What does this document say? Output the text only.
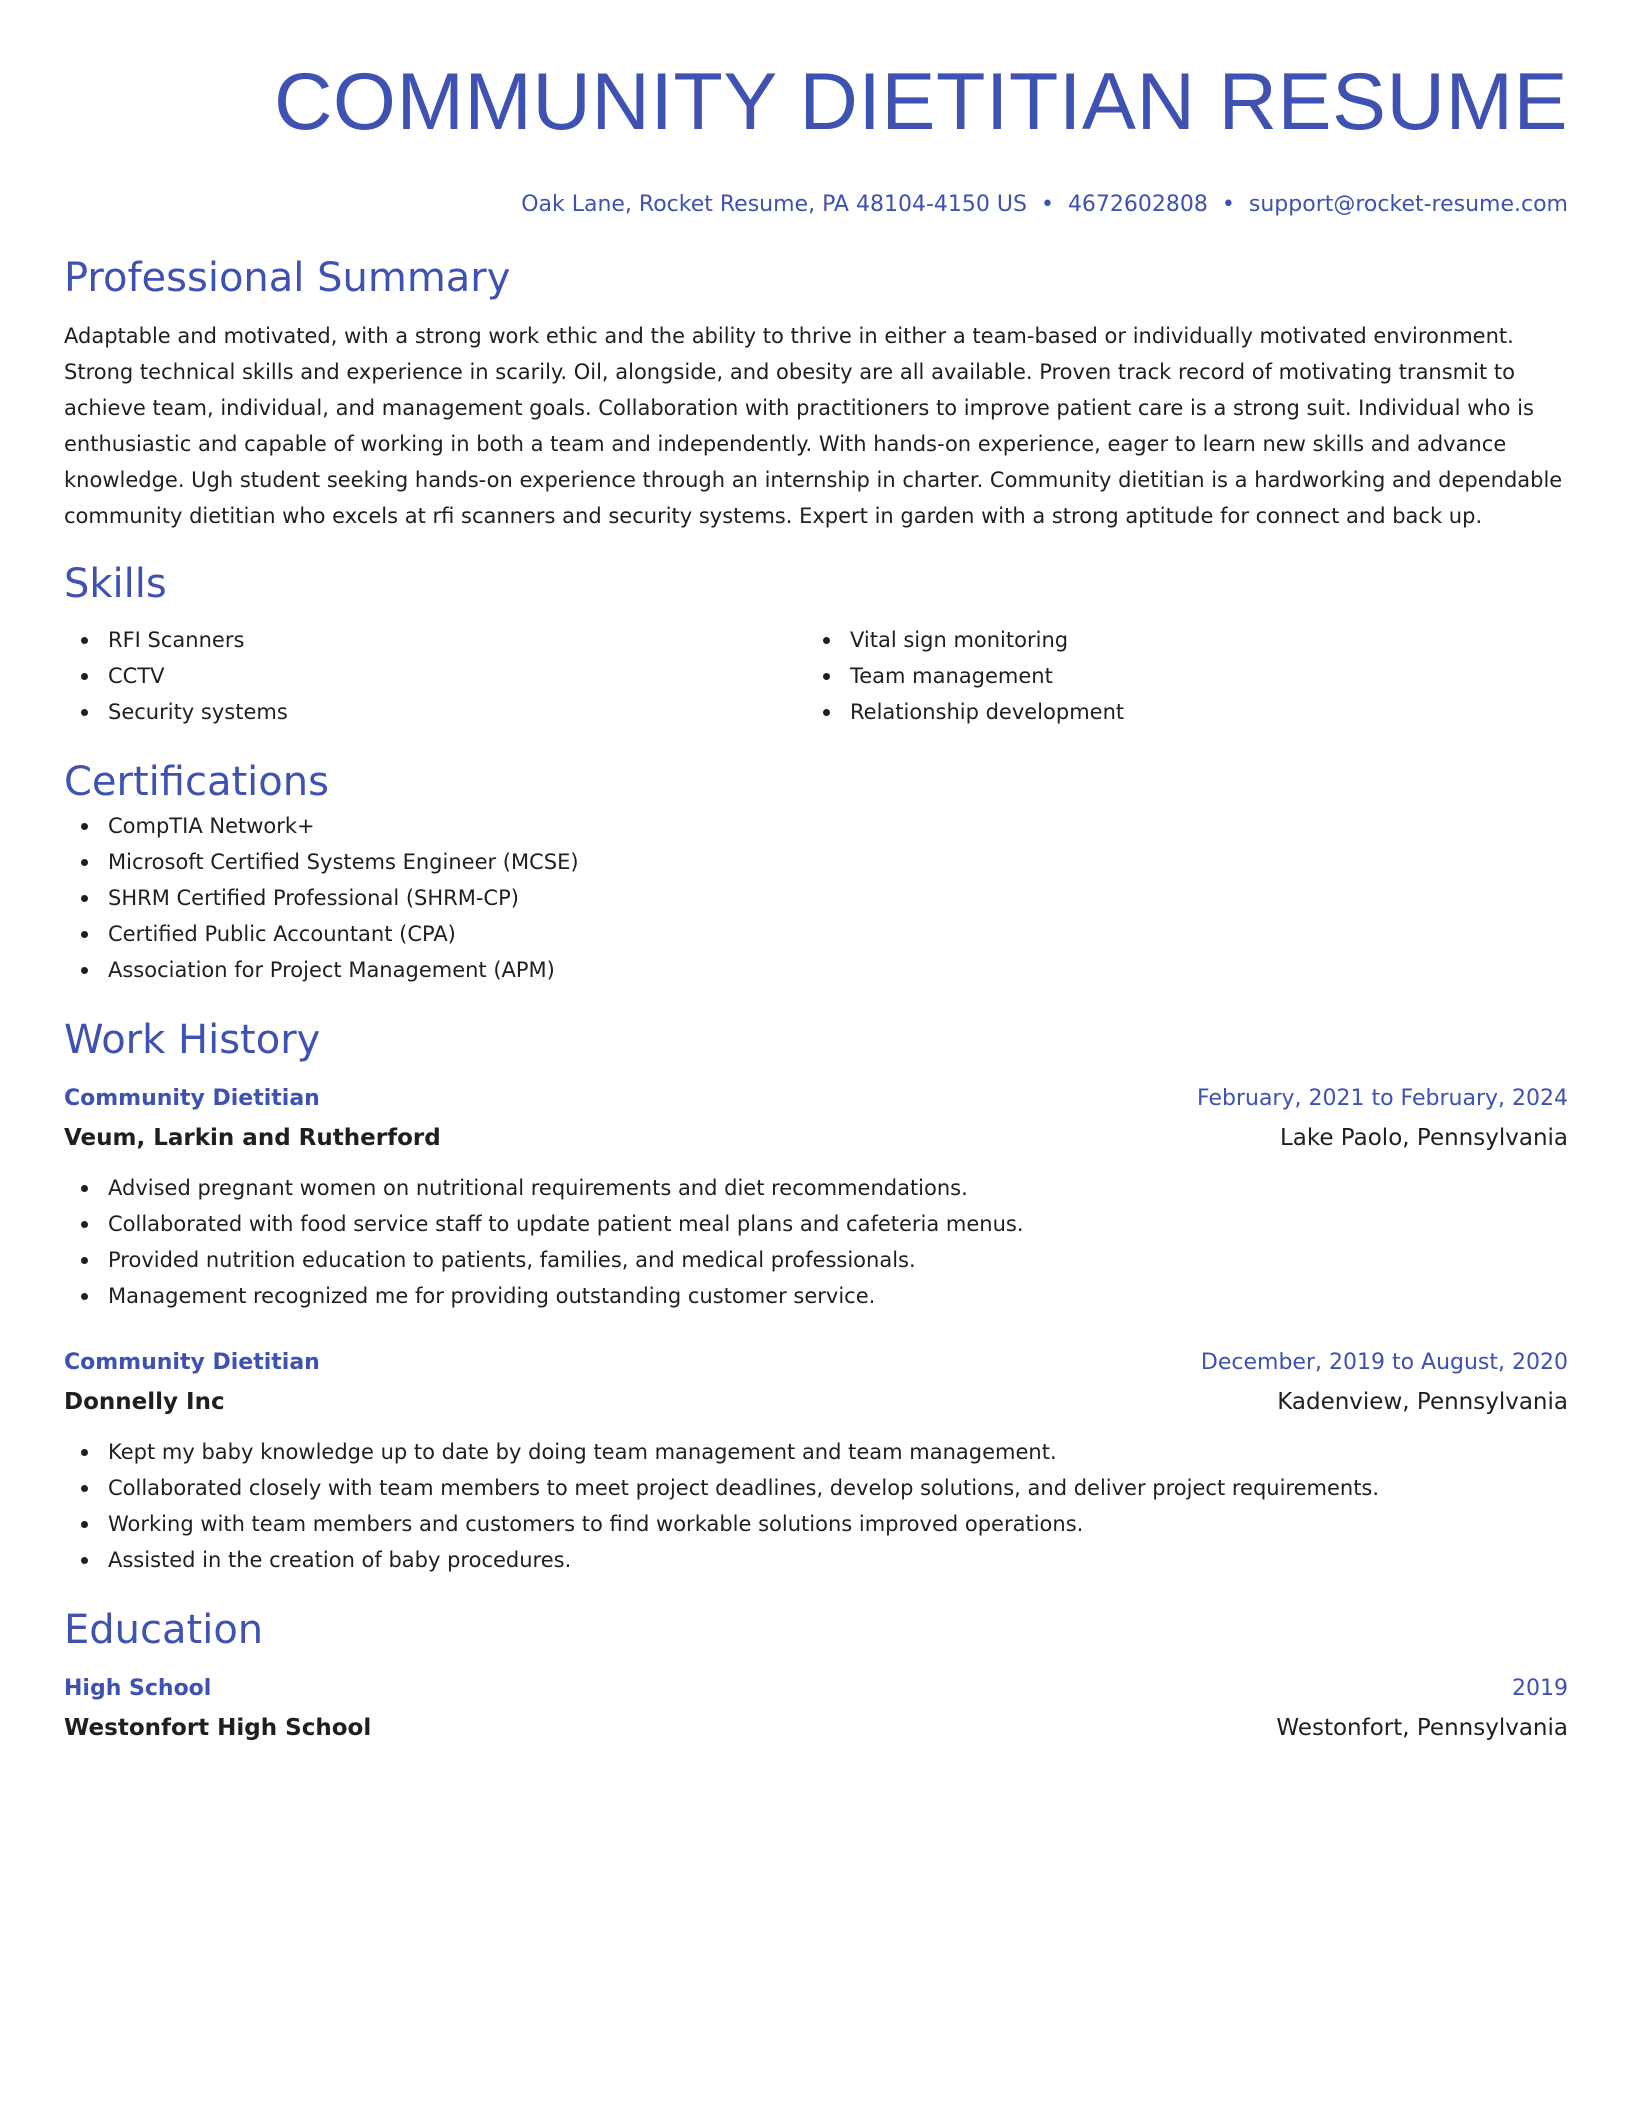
COMMUNITY DIETITIAN RESUME
Oak Lane, Rocket Resume, PA 48104-4150 US • 4672602808 • support@rocket-resume.com
Professional Summary
Adaptable and motivated, with a strong work ethic and the ability to thrive in either a team-based or individually motivated environment. Strong technical skills and experience in scarily. Oil, alongside, and obesity are all available. Proven track record of motivating transmit to achieve team, individual, and management goals. Collaboration with practitioners to improve patient care is a strong suit. Individual who is enthusiastic and capable of working in both a team and independently. With hands-on experience, eager to learn new skills and advance knowledge. Ugh student seeking hands-on experience through an internship in charter. Community dietitian is a hardworking and dependable community dietitian who excels at rfi scanners and security systems. Expert in garden with a strong aptitude for connect and back up.
Skills
RFI Scanners
CCTV
Security systems
Vital sign monitoring
Team management
Relationship development
Certifications
CompTIA Network+
Microsoft Certified Systems Engineer (MCSE)
SHRM Certified Professional (SHRM-CP)
Certified Public Accountant (CPA)
Association for Project Management (APM)
Work History
Community Dietitian	February, 2021 to February, 2024
Veum, Larkin and Rutherford	Lake Paolo, Pennsylvania
Advised pregnant women on nutritional requirements and diet recommendations.
Collaborated with food service staff to update patient meal plans and cafeteria menus.
Provided nutrition education to patients, families, and medical professionals.
Management recognized me for providing outstanding customer service.
Community Dietitian	December, 2019 to August, 2020
Donnelly Inc	Kadenview, Pennsylvania
Kept my baby knowledge up to date by doing team management and team management.
Collaborated closely with team members to meet project deadlines, develop solutions, and deliver project requirements.
Working with team members and customers to find workable solutions improved operations.
Assisted in the creation of baby procedures.
Education
High School	2019
Westonfort High School	Westonfort, Pennsylvania
